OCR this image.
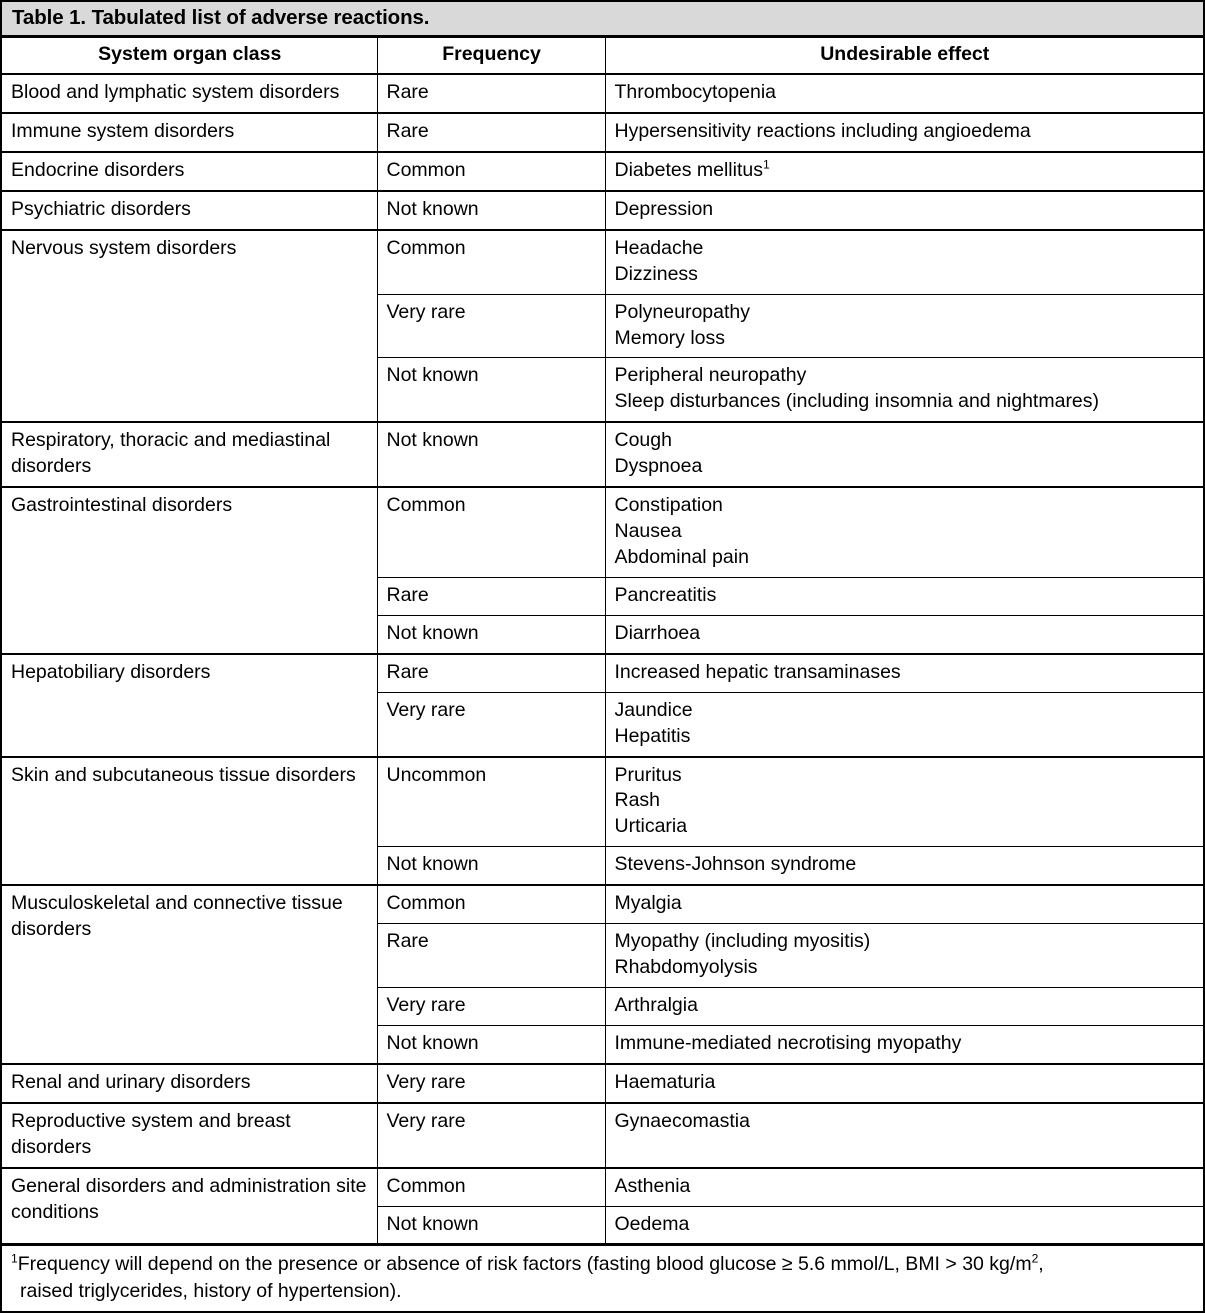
Table 1. Tabulated list of adverse reactions.
System organ class	Frequency	Undesirable effect
Blood and lymphatic system disorders	Rare	Thrombocytopenia

Immune system disorders	Rare	Hypersensitivity reactions including angioedema

Endocrine disorders	Common	Diabetes mellitus$^1$

Psychiatric disorders	Not known	Depression

Nervous system disorders	Common	Headache
Dizziness

	Very rare	Polyneuropathy
Memory loss

	Not known	Peripheral neuropathy
Sleep disturbances (including insomnia and nightmares)

Respiratory, thoracic and mediastinal disorders	Not known	Cough
Dyspnoea

Gastrointestinal disorders	Common	Constipation
Nausea
Abdominal pain

	Rare	Pancreatitis

	Not known	Diarrhoea

Hepatobiliary disorders	Rare	Increased hepatic transaminases

	Very rare	Jaundice
Hepatitis

Skin and subcutaneous tissue disorders	Uncommon	Pruritus
Rash
Urticaria

	Not known	Stevens-Johnson syndrome

Musculoskeletal and connective tissue disorders	Common	Myalgia

	Rare	Myopathy (including myositis)
Rhabdomyolysis

	Very rare	Arthralgia

	Not known	Immune-mediated necrotising myopathy

Renal and urinary disorders	Very rare	Haematuria

Reproductive system and breast disorders	Very rare	Gynaecomastia

General disorders and administration site conditions	Common	Asthenia

	Not known	Oedema
$^1$Frequency will depend on the presence or absence of risk factors (fasting blood glucose ≥ 5.6 mmol/L, BMI > 30 $kg/m^2$,
raised triglycerides, history of hypertension).
